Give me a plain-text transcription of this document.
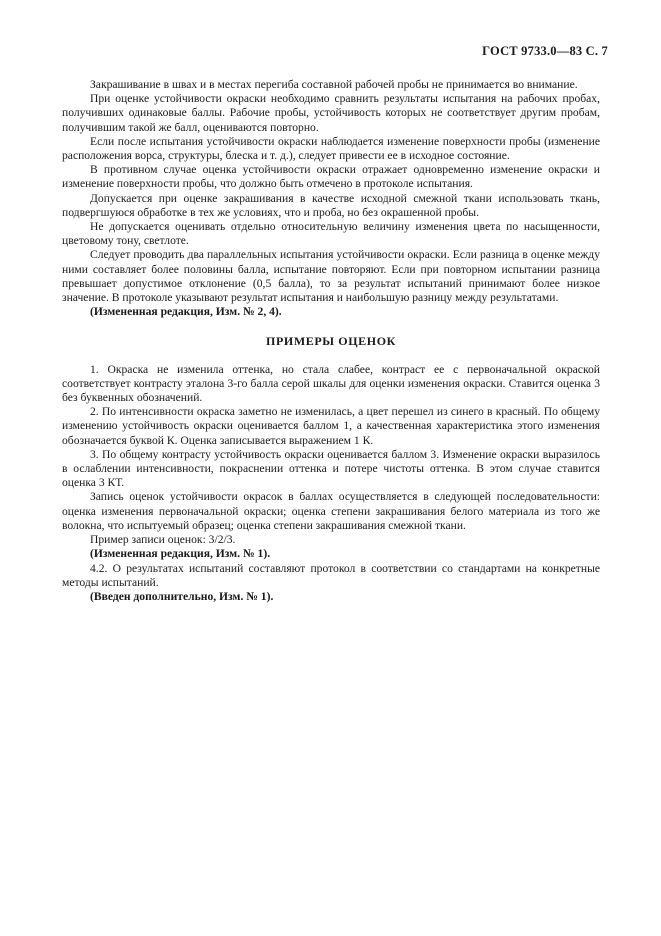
ГОСТ 9733.0—83 С. 7

Закрашивание в швах и в местах перегиба составной рабочей пробы не принимается во внимание.

При оценке устойчивости окраски необходимо сравнить результаты испытания на рабочих пробах, получивших одинаковые баллы. Рабочие пробы, устойчивость которых не соответствует другим пробам, получившим такой же балл, оцениваются повторно.

Если после испытания устойчивости окраски наблюдается изменение поверхности пробы (изменение расположения ворса, структуры, блеска и т. д.), следует привести ее в исходное состояние.

В противном случае оценка устойчивости окраски отражает одновременно изменение окраски и изменение поверхности пробы, что должно быть отмечено в протоколе испытания.

Допускается при оценке закрашивания в качестве исходной смежной ткани использовать ткань, подвергшуюся обработке в тех же условиях, что и проба, но без окрашенной пробы.

Не допускается оценивать отдельно относительную величину изменения цвета по насыщенности, цветовому тону, светлоте.

Следует проводить два параллельных испытания устойчивости окраски. Если разница в оценке между ними составляет более половины балла, испытание повторяют. Если при повторном испытании разница превышает допустимое отклонение (0,5 балла), то за результат испытаний принимают более низкое значение. В протоколе указывают результат испытания и наибольшую разницу между результатами.

(Измененная редакция, Изм. № 2, 4).

ПРИМЕРЫ ОЦЕНОК

1. Окраска не изменила оттенка, но стала слабее, контраст ее с первоначальной окраской соответствует контрасту эталона 3-го балла серой шкалы для оценки изменения окраски. Ставится оценка 3 без буквенных обозначений.

2. По интенсивности окраска заметно не изменилась, а цвет перешел из синего в красный. По общему изменению устойчивость окраски оценивается баллом 1, а качественная характеристика этого изменения обозначается буквой К. Оценка записывается выражением 1 К.

3. По общему контрасту устойчивость окраски оценивается баллом 3. Изменение окраски выразилось в ослаблении интенсивности, покраснении оттенка и потере чистоты оттенка. В этом случае ставится оценка 3 КТ.

Запись оценок устойчивости окрасок в баллах осуществляется в следующей последовательности: оценка изменения первоначальной окраски; оценка степени закрашивания белого материала из того же волокна, что испытуемый образец; оценка степени закрашивания смежной ткани.

Пример записи оценок: 3/2/3.

(Измененная редакция, Изм. № 1).

4.2. О результатах испытаний составляют протокол в соответствии со стандартами на конкретные методы испытаний.

(Введен дополнительно, Изм. № 1).
